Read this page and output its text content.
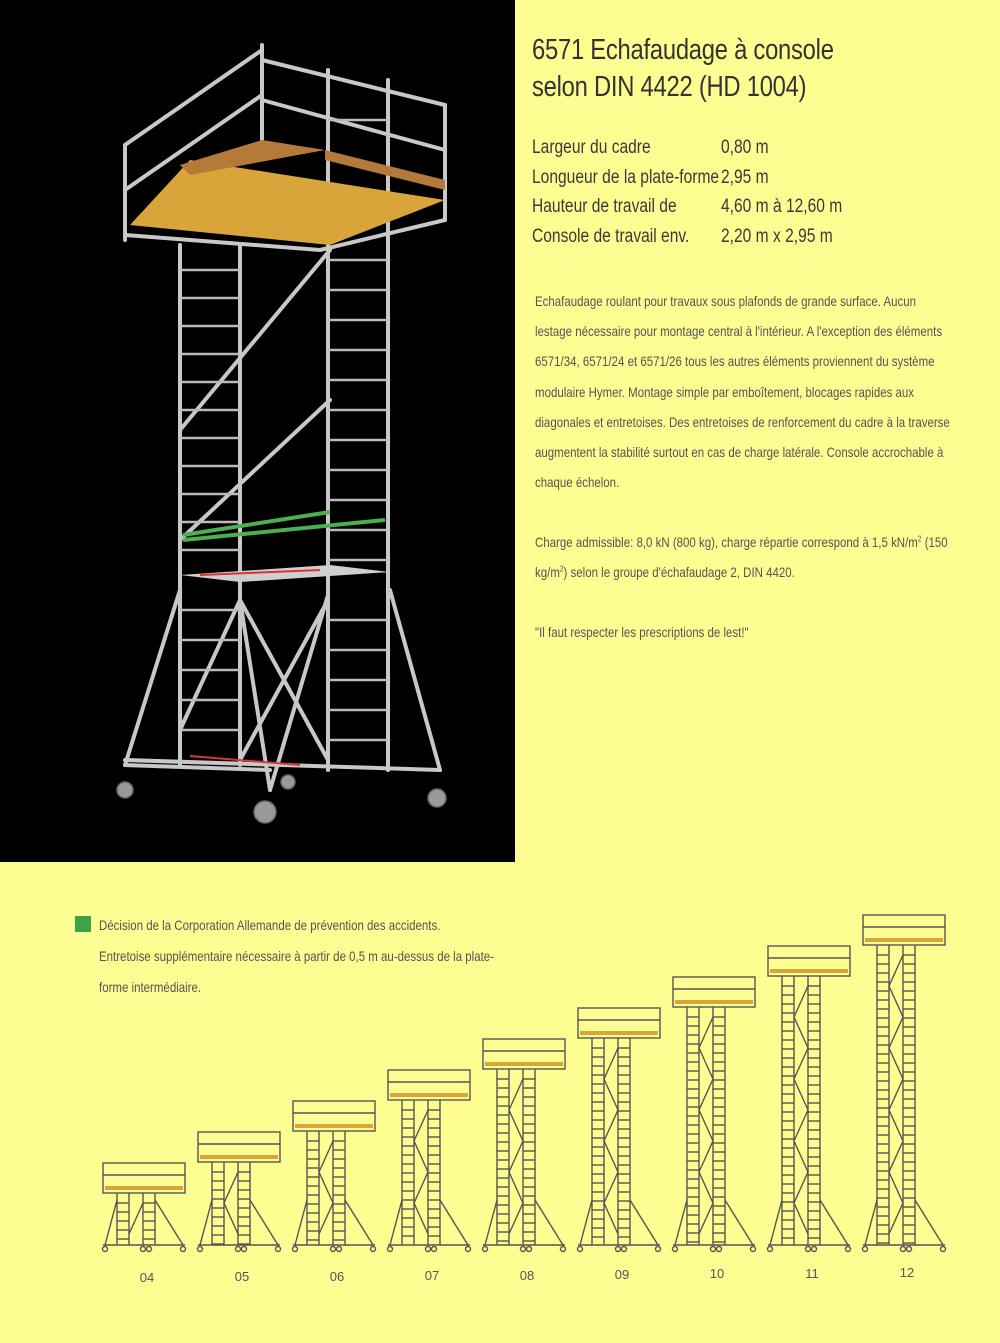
6571 Echafaudage à console
selon DIN 4422 (HD 1004)
Largeur du cadre	0,80 m
Longueur de la plate-forme 2,95 m
Hauteur de travail de 4,60 m à 12,60 m
Console de travail env. 2,20 m x 2,95 m
Echafaudage roulant pour travaux sous plafonds de grande surface. Aucun lestage nécessaire pour montage central à l'intérieur. A l'exception des éléments 6571/34, 6571/24 et 6571/26 tous les autres éléments proviennent du système modulaire Hymer. Montage simple par emboîtement, blocages rapides aux diagonales et entretoises. Des entretoises de renforcement du cadre à la traverse augmentent la stabilité surtout en cas de charge latérale. Console accrochable à chaque échelon.
Charge admissible: 8,0 kN (800 kg), charge répartie correspond à 1,5 $kN/m^2$ (150 $kg/m^2$) selon le groupe d'échafaudage 2, DIN 4420.
"Il faut respecter les prescriptions de lest!"
Décision de la Corporation Allemande de prévention des accidents.
Entretoise supplémentaire nécessaire à partir de 0,5 m au-dessus de la plate-
forme intermédiaire.
04	05	06	07	08	09	10	11	12
